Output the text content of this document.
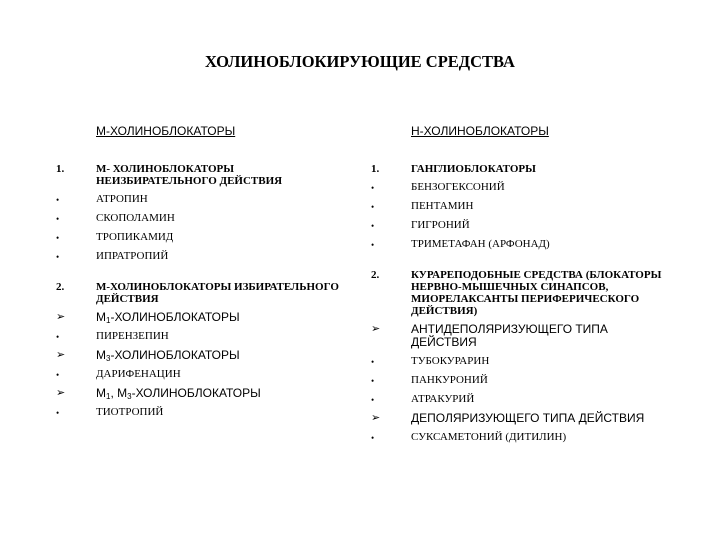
ХОЛИНОБЛОКИРУЮЩИЕ СРЕДСТВА
М-ХОЛИНОБЛОКАТОРЫ
1.	М- ХОЛИНОБЛОКАТОРЫ НЕИЗБИРАТЕЛЬНОГО ДЕЙСТВИЯ
•	АТРОПИН
•	СКОПОЛАМИН
•	ТРОПИКАМИД
•	ИПРАТРОПИЙ
2.	М-ХОЛИНОБЛОКАТОРЫ ИЗБИРАТЕЛЬНОГО ДЕЙСТВИЯ
➢	$М_1$-ХОЛИНОБЛОКАТОРЫ
•	ПИРЕНЗЕПИН
➢	$М_3$-ХОЛИНОБЛОКАТОРЫ
•	ДАРИФЕНАЦИН
➢	$М_1$, $М_3$-ХОЛИНОБЛОКАТОРЫ
•	ТИОТРОПИЙ
Н-ХОЛИНОБЛОКАТОРЫ
1.	ГАНГЛИОБЛОКАТОРЫ
•	БЕНЗОГЕКСОНИЙ
•	ПЕНТАМИН
•	ГИГРОНИЙ
•	ТРИМЕТАФАН (АРФОНАД)
2.	КУРАРЕПОДОБНЫЕ СРЕДСТВА (БЛОКАТОРЫ НЕРВНО-МЫШЕЧНЫХ СИНАПСОВ, МИОРЕЛАКСАНТЫ ПЕРИФЕРИЧЕСКОГО ДЕЙСТВИЯ)
➢	АНТИДЕПОЛЯРИЗУЮЩЕГО ТИПА ДЕЙСТВИЯ
•	ТУБОКУРАРИН
•	ПАНКУРОНИЙ
•	АТРАКУРИЙ
➢	ДЕПОЛЯРИЗУЮЩЕГО ТИПА ДЕЙСТВИЯ
•	СУКСАМЕТОНИЙ (ДИТИЛИН)
